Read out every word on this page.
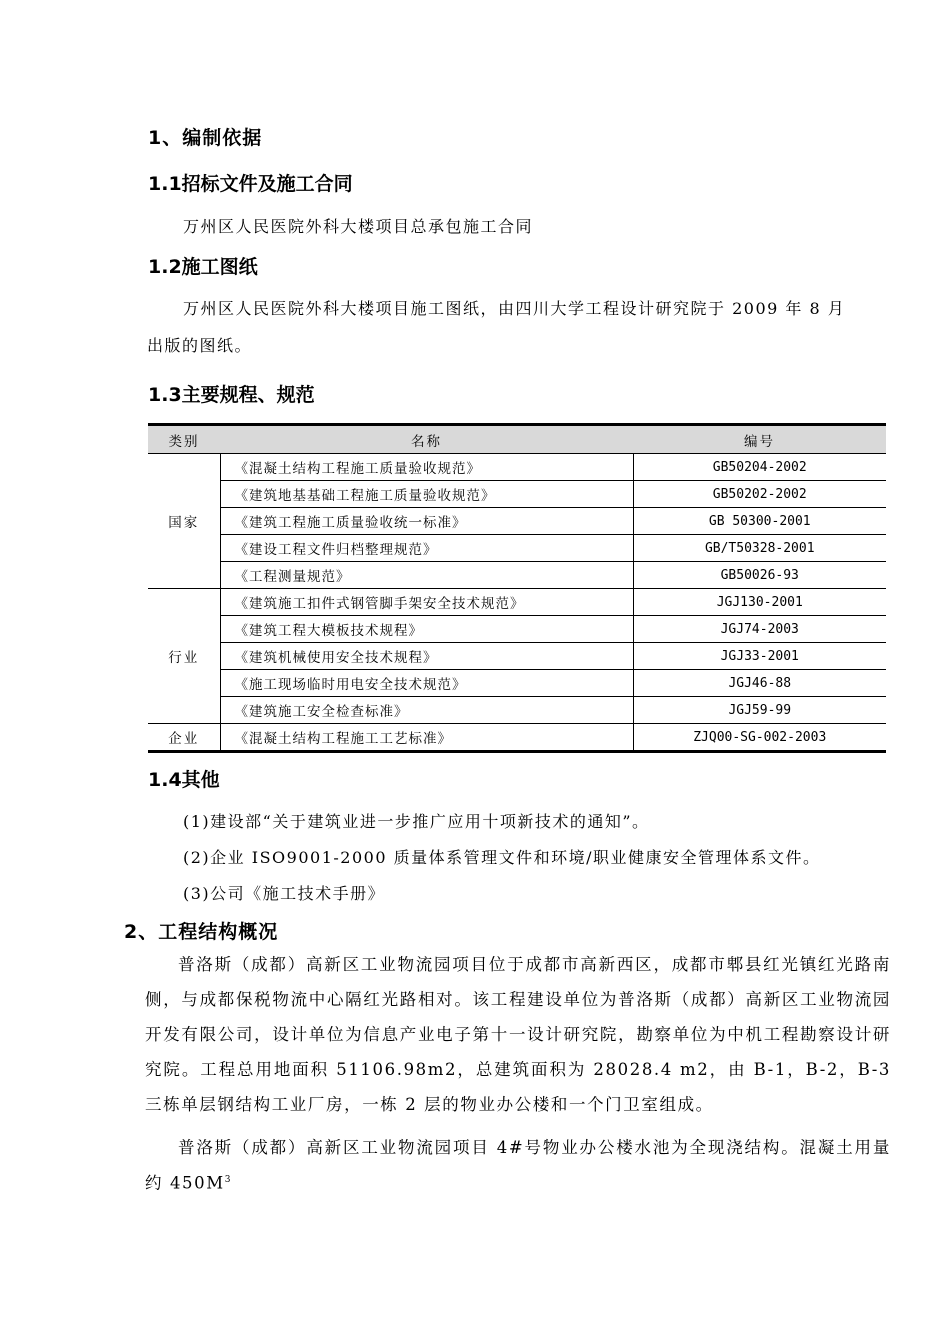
1、编制依据
1.1招标文件及施工合同
万州区人民医院外科大楼项目总承包施工合同
1.2施工图纸
万州区人民医院外科大楼项目施工图纸，由四川大学工程设计研究院于 2009 年 8 月
出版的图纸。
1.3主要规程、规范
类别	名称	编号
国家	《混凝土结构工程施工质量验收规范》	GB50204-2002
	《建筑地基基础工程施工质量验收规范》	GB50202-2002
	《建筑工程施工质量验收统一标准》	GB 50300-2001
	《建设工程文件归档整理规范》	GB/T50328-2001
	《工程测量规范》	GB50026-93
行业	《建筑施工扣件式钢管脚手架安全技术规范》	JGJ130-2001
	《建筑工程大模板技术规程》	JGJ74-2003
	《建筑机械使用安全技术规程》	JGJ33-2001
	《施工现场临时用电安全技术规范》	JGJ46-88
	《建筑施工安全检查标准》	JGJ59-99
企业	《混凝土结构工程施工工艺标准》	ZJQ00-SG-002-2003
1.4其他
(1)建设部“关于建筑业进一步推广应用十项新技术的通知”。
(2)企业 ISO9001-2000 质量体系管理文件和环境/职业健康安全管理体系文件。
(3)公司《施工技术手册》
2、工程结构概况
普洛斯（成都）高新区工业物流园项目位于成都市高新西区，成都市郫县红光镇红光路南侧，与成都保税物流中心隔红光路相对。该工程建设单位为普洛斯（成都）高新区工业物流园开发有限公司，设计单位为信息产业电子第十一设计研究院，勘察单位为中机工程勘察设计研究院。工程总用地面积 51106.98m2，总建筑面积为 28028.4 m2，由 B-1，B-2，B-3 三栋单层钢结构工业厂房，一栋 2 层的物业办公楼和一个门卫室组成。
普洛斯（成都）高新区工业物流园项目 4#号物业办公楼水池为全现浇结构。混凝土用量约 $450M^3$
